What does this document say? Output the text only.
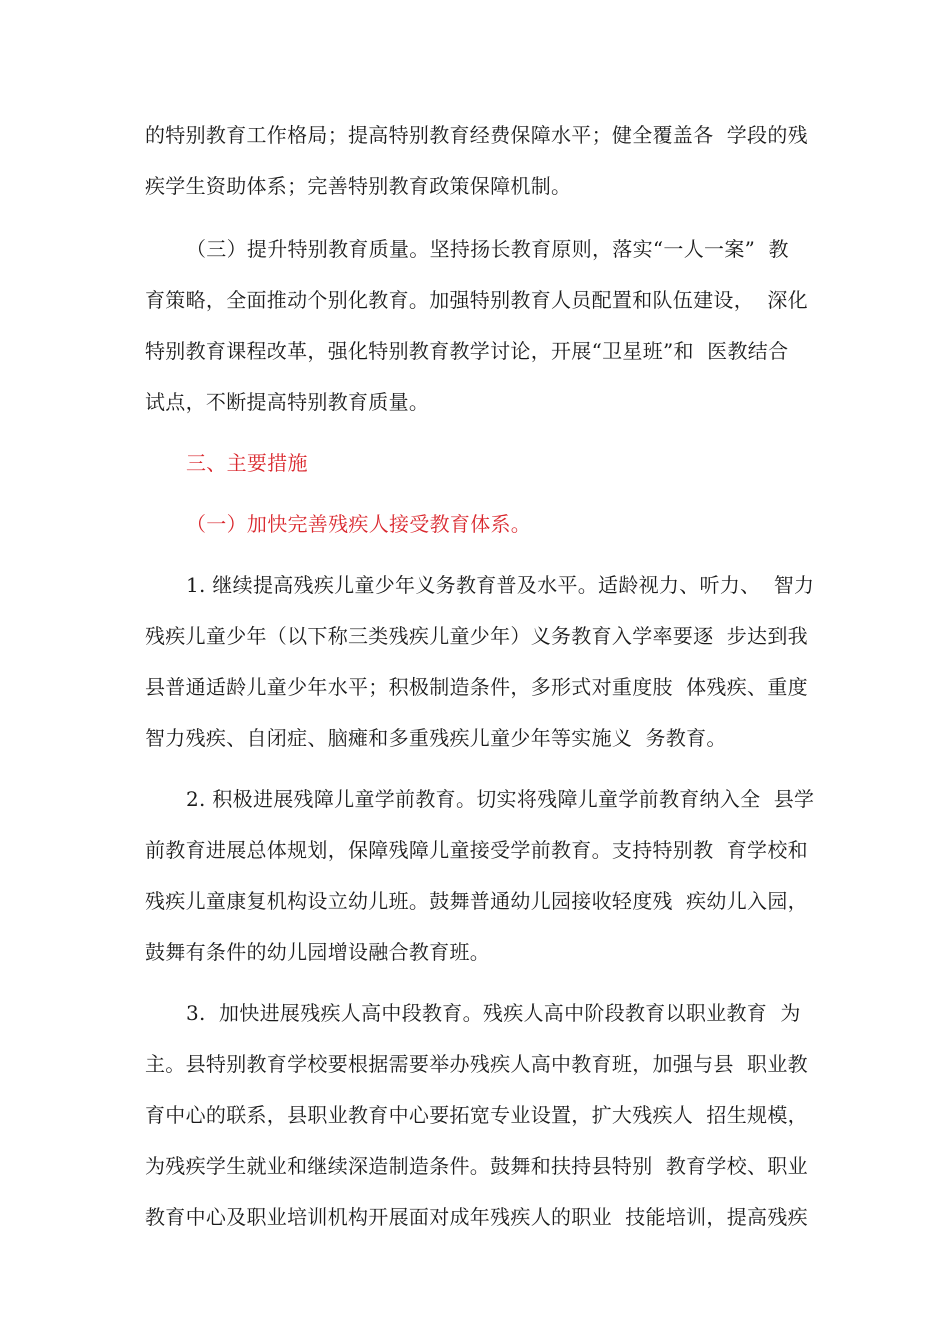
的特别教育工作格局；提高特别教育经费保障水平；健全覆盖各  学段的残
疾学生资助体系；完善特别教育政策保障机制。
（三）提升特别教育质量。坚持扬长教育原则，落实“一人一案”  教
育策略，全面推动个别化教育。加强特别教育人员配置和队伍建设，  深化
特别教育课程改革，强化特别教育教学讨论，开展“卫星班”和  医教结合
试点，不断提高特别教育质量。
三、主要措施
（一）加快完善残疾人接受教育体系。
1. 继续提高残疾儿童少年义务教育普及水平。适龄视力、听力、  智力
残疾儿童少年（以下称三类残疾儿童少年）义务教育入学率要逐  步达到我
县普通适龄儿童少年水平；积极制造条件，多形式对重度肢  体残疾、重度
智力残疾、自闭症、脑瘫和多重残疾儿童少年等实施义  务教育。
2. 积极进展残障儿童学前教育。切实将残障儿童学前教育纳入全  县学
前教育进展总体规划，保障残障儿童接受学前教育。支持特别教  育学校和
残疾儿童康复机构设立幼儿班。鼓舞普通幼儿园接收轻度残  疾幼儿入园，
鼓舞有条件的幼儿园增设融合教育班。
3.  加快进展残疾人高中段教育。残疾人高中阶段教育以职业教育  为
主。县特别教育学校要根据需要举办残疾人高中教育班，加强与县  职业教
育中心的联系，县职业教育中心要拓宽专业设置，扩大残疾人  招生规模，
为残疾学生就业和继续深造制造条件。鼓舞和扶持县特别  教育学校、职业
教育中心及职业培训机构开展面对成年残疾人的职业  技能培训，提高残疾
